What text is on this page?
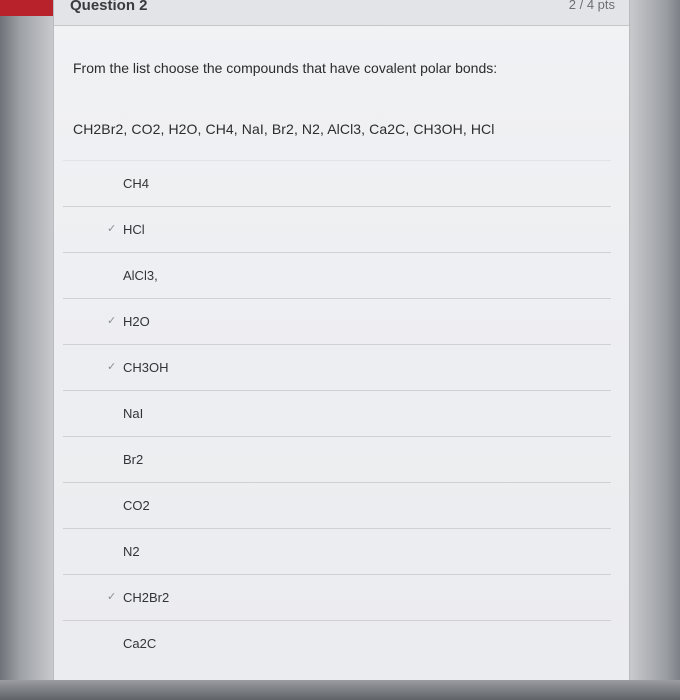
Question 2	2 / 4 pts
From the list choose the compounds that have covalent polar bonds:
CH2Br2, CO2, H2O, CH4, NaI, Br2, N2, AlCl3, Ca2C, CH3OH, HCl
CH4
✓ HCl
AlCl3,
✓ H2O
✓ CH3OH
NaI
Br2
CO2
N2
✓ CH2Br2
Ca2C
